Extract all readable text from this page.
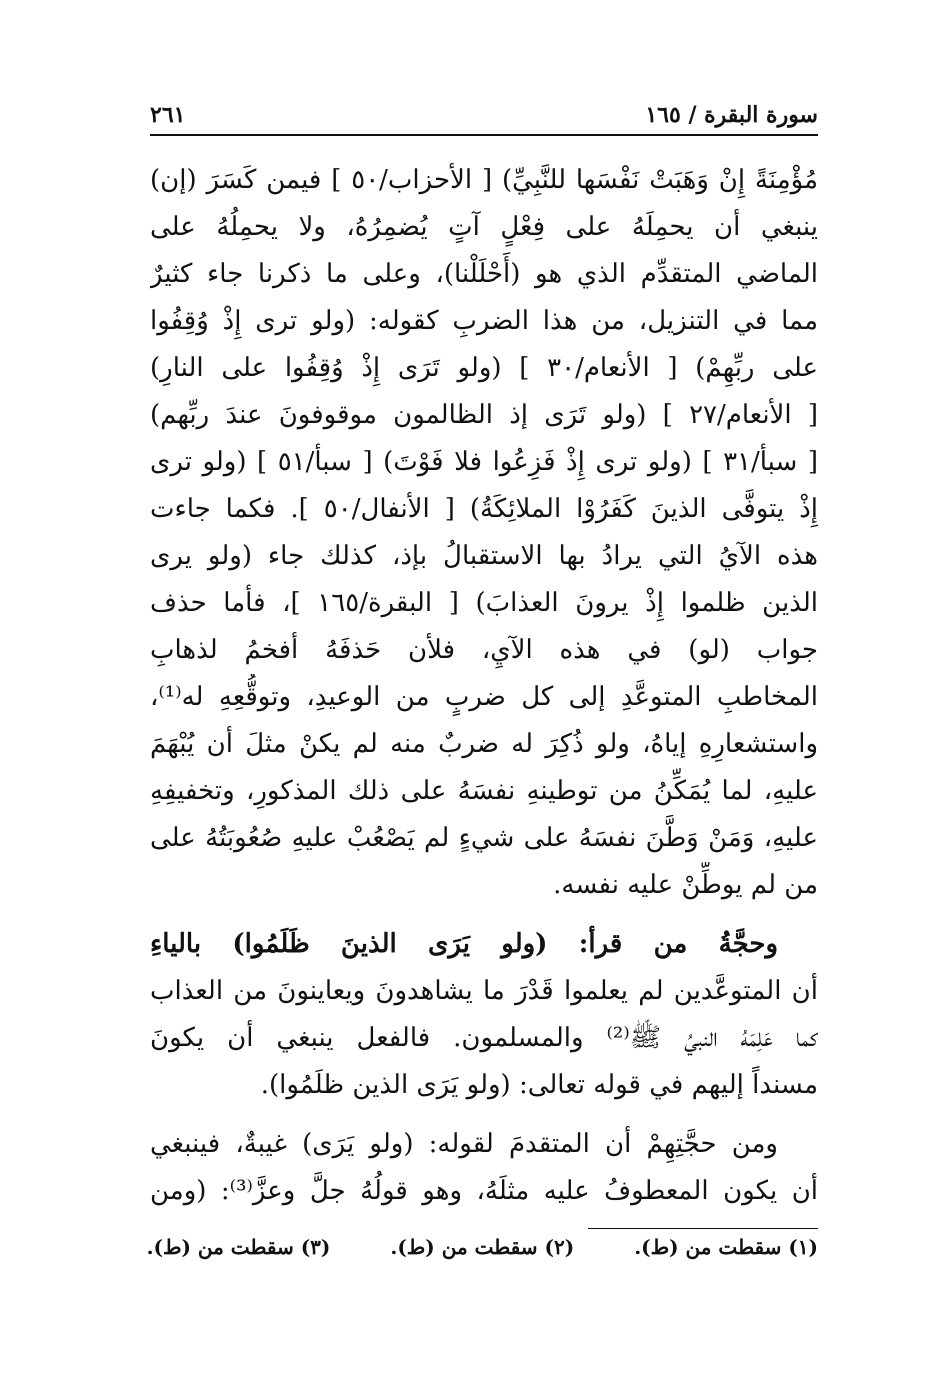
سورة البقرة / ١٦٥
٢٦١
مُؤْمِنَةً إِنْ وَهَبَتْ نَفْسَها للنَّبِيِّ) [ الأحزاب/٥٠ ] فيمن كَسَرَ (إن)
ينبغي أن يحمِلَهُ على فِعْلٍ آتٍ يُضمِرُهُ، ولا يحمِلُهُ على
الماضي المتقدِّم الذي هو (أَحْلَلْنا)، وعلى ما ذكرنا جاء كثيرٌ
مما في التنزيل، من هذا الضربِ كقوله: (ولو ترى إِذْ وُقِفُوا
على ربِّهِمْ) [ الأنعام/٣٠ ] (ولو تَرَى إِذْ وُقِفُوا على النارِ)
[ الأنعام/٢٧ ] (ولو تَرَى إذ الظالمون موقوفونَ عندَ ربِّهم)
[ سبأ/٣١ ] (ولو ترى إِذْ فَزِعُوا فلا فَوْتَ) [ سبأ/٥١ ] (ولو ترى
إِذْ يتوفَّى الذينَ كَفَرُوْا الملائِكَةُ) [ الأنفال/٥٠ ]. فكما جاءت
هذه الآيُ التي يرادُ بها الاستقبالُ بإذ، كذلك جاء (ولو يرى
الذين ظلموا إِذْ يرونَ العذابَ) [ البقرة/١٦٥ ]، فأما حذف
جواب (لو) في هذه الآيِ، فلأن حَذفَهُ أفخمُ لذهابِ
المخاطبِ المتوعَّدِ إلى كل ضربٍ من الوعيدِ، وتوقُّعِهِ له⁽¹⁾،
واستشعارِهِ إياهُ، ولو ذُكِرَ له ضربٌ منه لم يكنْ مثلَ أن يُبْهَمَ
عليهِ، لما يُمَكِّنُ من توطينهِ نفسَهُ على ذلك المذكورِ، وتخفيفِهِ
عليهِ، وَمَنْ وَطَّنَ نفسَهُ على شيءٍ لم يَصْعُبْ عليهِ صُعُوبَتُهُ على
من لم يوطِّنْ عليه نفسه.
وحجَّةُ من قرأ: (ولو يَرَى الذينَ ظَلَمُوا) بالياءِ
أن المتوعَّدين لم يعلموا قَدْرَ ما يشاهدونَ ويعاينونَ من العذاب
كما عَلِمَهُ النبيُ ﷺ⁽²⁾ والمسلمون. فالفعل ينبغي أن يكونَ
مسنداً إليهم في قوله تعالى: (ولو يَرَى الذين ظلَمُوا).
ومن حجَّتِهِمْ أن المتقدمَ لقوله: (ولو يَرَى) غيبةٌ، فينبغي
أن يكون المعطوفُ عليه مثلَهُ، وهو قولُهُ جلَّ وعزَّ⁽³⁾: (ومن
(١) سقطت من (ط).
(٢) سقطت من (ط).
(٣) سقطت من (ط).
